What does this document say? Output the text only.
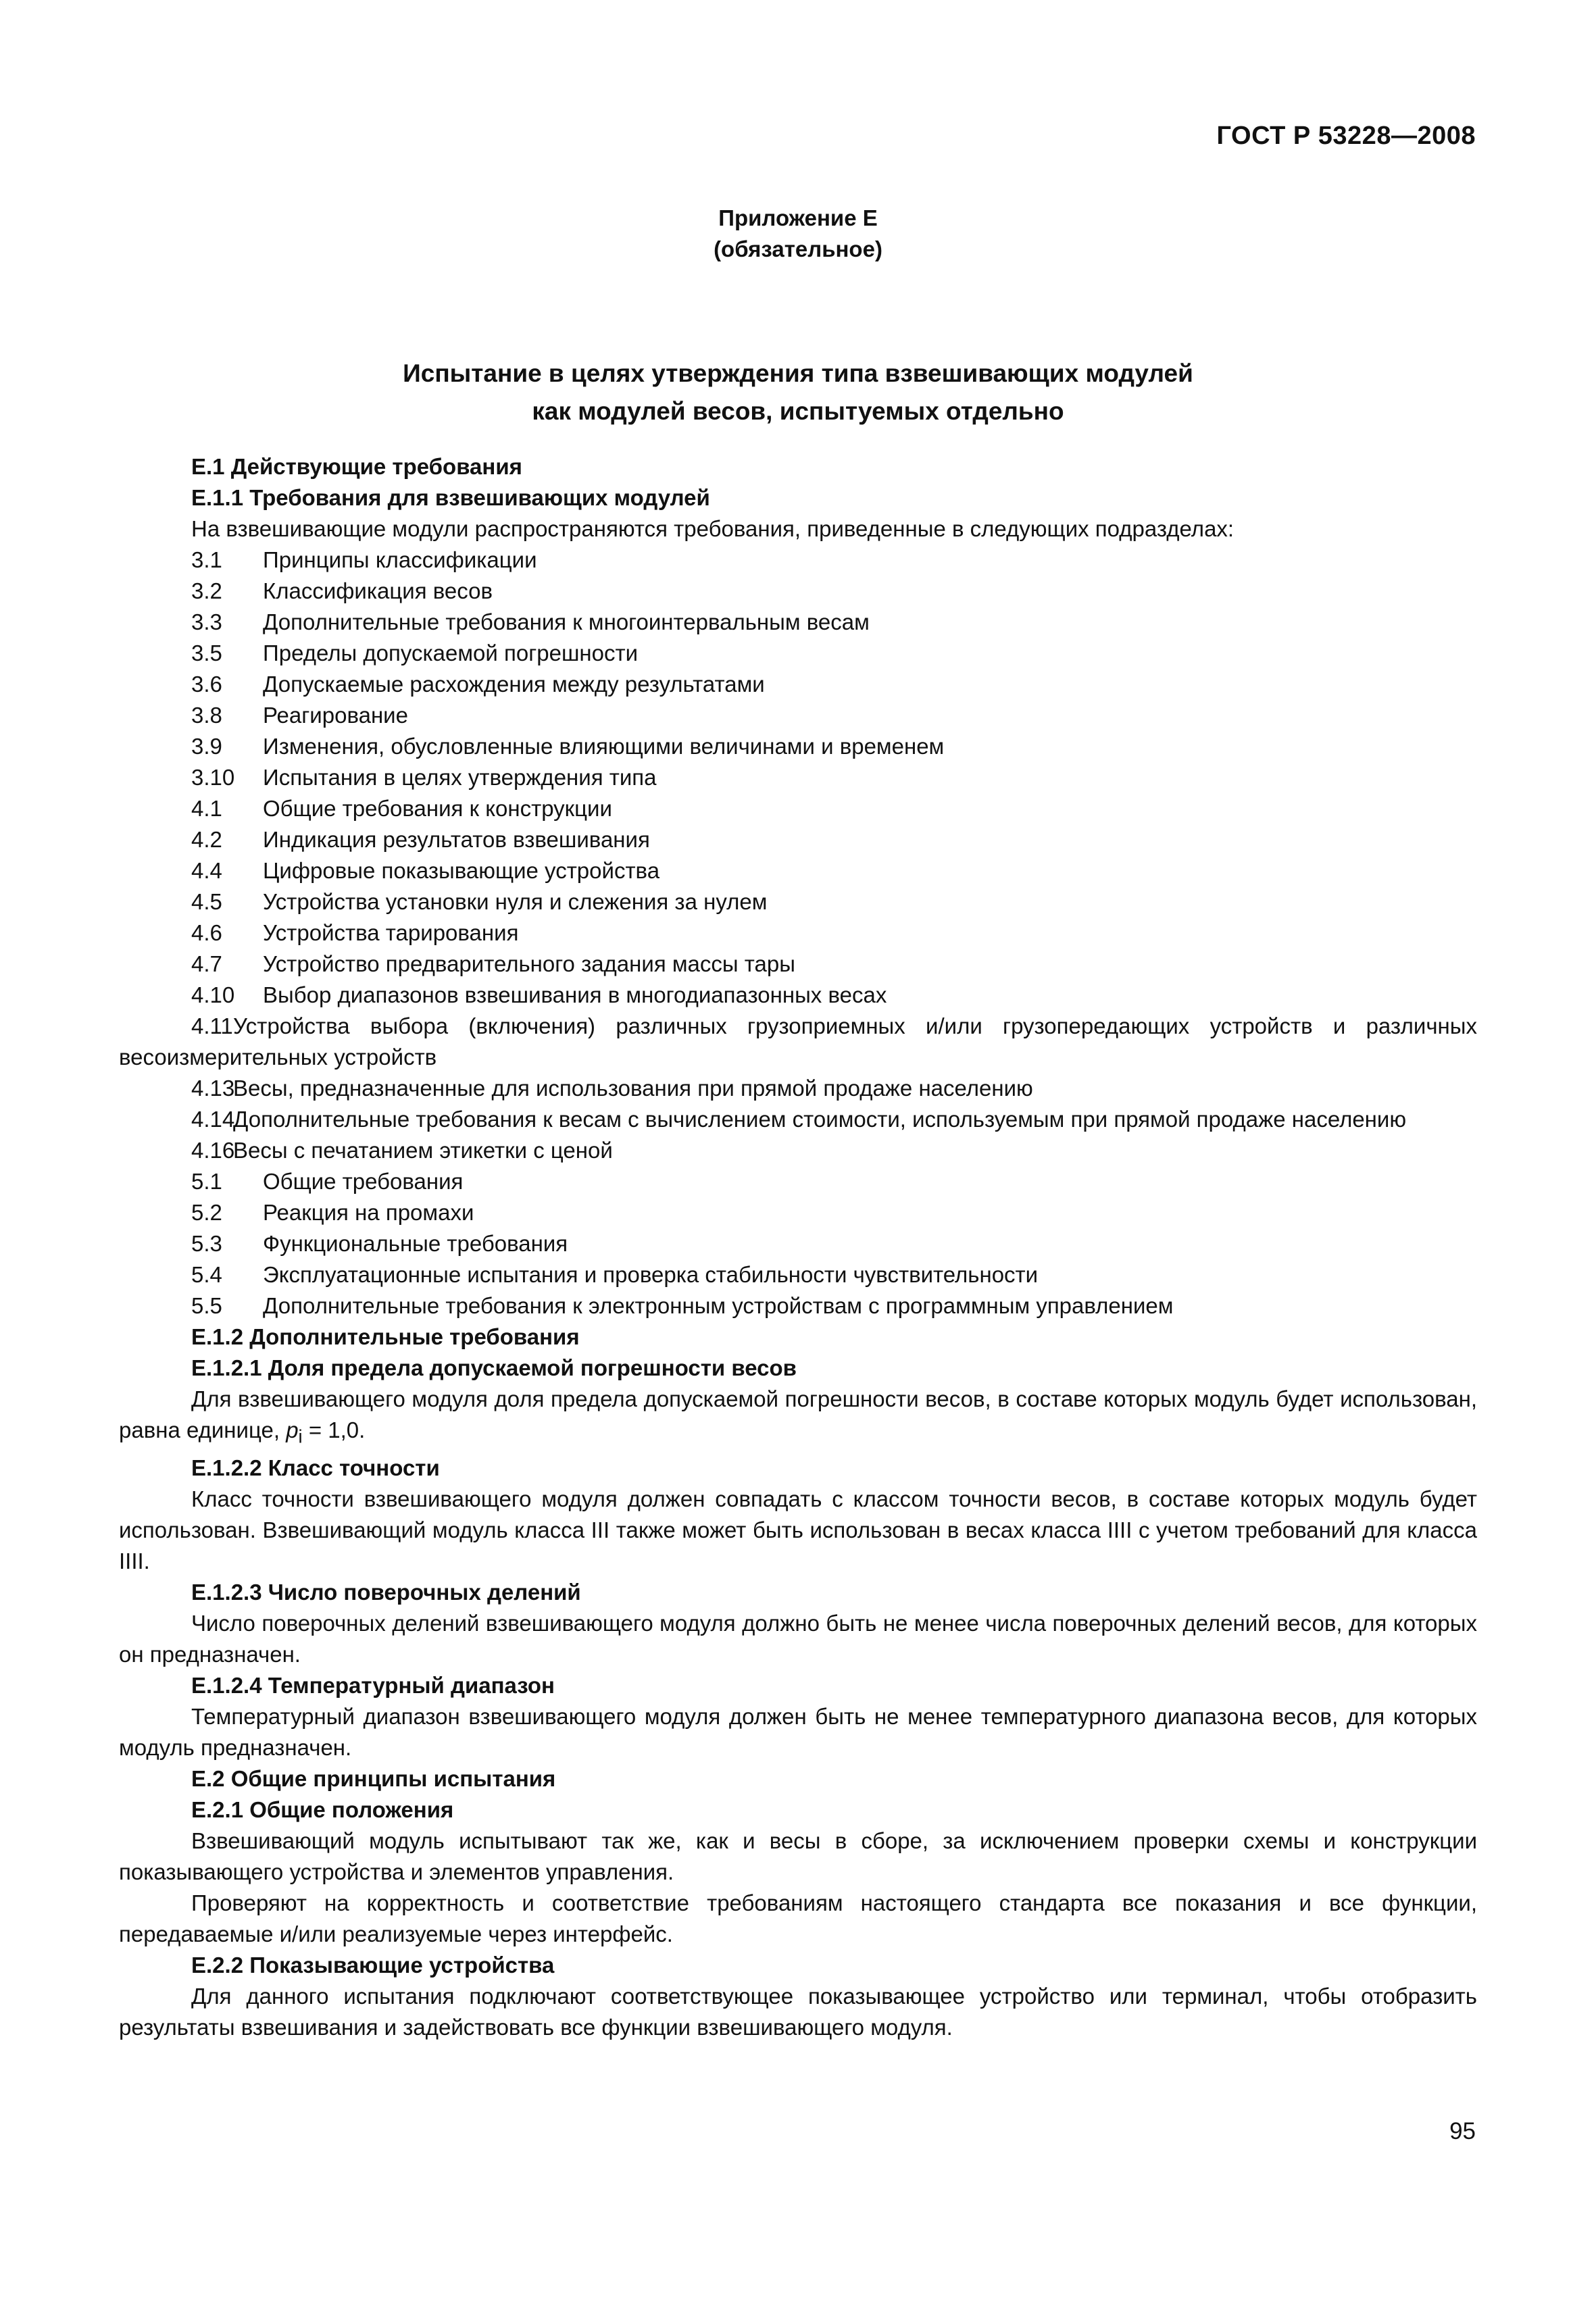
ГОСТ Р 53228—2008

Приложение Е
(обязательное)
Испытание в целях утверждения типа взвешивающих модулей
как модулей весов, испытуемых отдельно

Е.1 Действующие требования

Е.1.1 Требования для взвешивающих модулей

На взвешивающие модули распространяются требования, приведенные в следующих подразделах:

3.1 Принципы классификации
3.2 Классификация весов
3.3 Дополнительные требования к многоинтервальным весам
3.5 Пределы допускаемой погрешности
3.6 Допускаемые расхождения между результатами
3.8 Реагирование
3.9 Изменения, обусловленные влияющими величинами и временем
3.10 Испытания в целях утверждения типа
4.1 Общие требования к конструкции
4.2 Индикация результатов взвешивания
4.4 Цифровые показывающие устройства
4.5 Устройства установки нуля и слежения за нулем
4.6 Устройства тарирования
4.7 Устройство предварительного задания массы тары
4.10 Выбор диапазонов взвешивания в многодиапазонных весах
4.11Устройства выбора (включения) различных грузоприемных и/или грузопередающих устройств и различных весоизмерительных устройств
4.13Весы, предназначенные для использования при прямой продаже населению
4.14Дополнительные требования к весам с вычислением стоимости, используемым при прямой продаже населению
4.16Весы с печатанием этикетки с ценой
5.1 Общие требования
5.2 Реакция на промахи
5.3 Функциональные требования
5.4 Эксплуатационные испытания и проверка стабильности чувствительности
5.5 Дополнительные требования к электронным устройствам с программным управлением

Е.1.2 Дополнительные требования

Е.1.2.1 Доля предела допускаемой погрешности весов

Для взвешивающего модуля доля предела допускаемой погрешности весов, в составе которых модуль будет использован, равна единице, $p_i = 1,0$.

Е.1.2.2 Класс точности

Класс точности взвешивающего модуля должен совпадать с классом точности весов, в составе которых модуль будет использован. Взвешивающий модуль класса III также может быть использован в весах класса IIII с учетом требований для класса IIII.

Е.1.2.3 Число поверочных делений

Число поверочных делений взвешивающего модуля должно быть не менее числа поверочных делений весов, для которых он предназначен.

Е.1.2.4 Температурный диапазон

Температурный диапазон взвешивающего модуля должен быть не менее температурного диапазона весов, для которых модуль предназначен.

Е.2 Общие принципы испытания

Е.2.1 Общие положения

Взвешивающий модуль испытывают так же, как и весы в сборе, за исключением проверки схемы и конструкции показывающего устройства и элементов управления.

Проверяют на корректность и соответствие требованиям настоящего стандарта все показания и все функции, передаваемые и/или реализуемые через интерфейс.

Е.2.2 Показывающие устройства

Для данного испытания подключают соответствующее показывающее устройство или терминал, чтобы отобразить результаты взвешивания и задействовать все функции взвешивающего модуля.

95
